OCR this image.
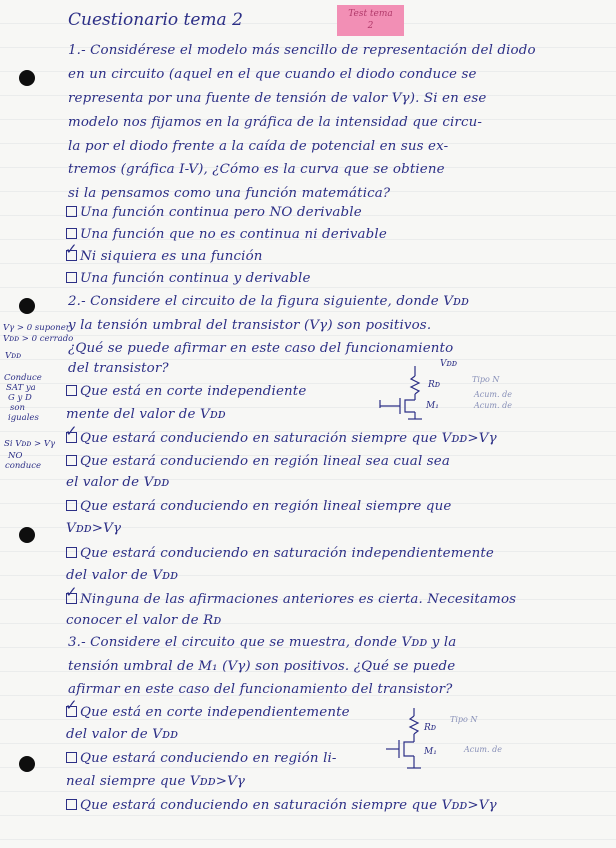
Cuestionario tema 2	Test tema
2
1.- Considérese el modelo más sencillo de representación del diodo
en un circuito (aquel en el que cuando el diodo conduce se
representa por una fuente de tensión de valor Vγ). Si en ese
modelo nos fijamos en la gráfica de la intensidad que circu-
la por el diodo frente a la caída de potencial en sus ex-
tremos (gráfica I-V), ¿Cómo es la curva que se obtiene
si la pensamos como una función matemática?
Una función continua pero NO derivable
Una función que no es continua ni derivable
✓Ni siquiera es una función
Una función continua y derivable
2.- Considere el circuito de la figura siguiente, donde Vᴅᴅ
y la tensión umbral del transistor (Vγ) son positivos.
¿Qué se puede afirmar en este caso del funcionamiento
del transistor?
Vγ > 0 suponer
Vᴅᴅ > 0 cerrado
Vᴅᴅ
Conduce
SAT ya
G y D
son
iguales
Si Vᴅᴅ > Vγ
NO
conduce
Vᴅᴅ
Rᴅ
M₁
Tipo N
Acum. de
Acum. de
Que está en corte independiente
mente del valor de Vᴅᴅ
✓Que estará conduciendo en saturación siempre que Vᴅᴅ>Vγ
Que estará conduciendo en región lineal sea cual sea
el valor de Vᴅᴅ
Que estará conduciendo en región lineal siempre que
Vᴅᴅ>Vγ
Que estará conduciendo en saturación independientemente
del valor de Vᴅᴅ
✓Ninguna de las afirmaciones anteriores es cierta. Necesitamos
conocer el valor de Rᴅ
3.- Considere el circuito que se muestra, donde Vᴅᴅ y la
tensión umbral de M₁ (Vγ) son positivos. ¿Qué se puede
afirmar en este caso del funcionamiento del transistor?
Rᴅ
M₁
Tipo N
Acum. de
✓Que está en corte independientemente
del valor de Vᴅᴅ
Que estará conduciendo en región li-
neal siempre que Vᴅᴅ>Vγ
Que estará conduciendo en saturación siempre que Vᴅᴅ>Vγ
